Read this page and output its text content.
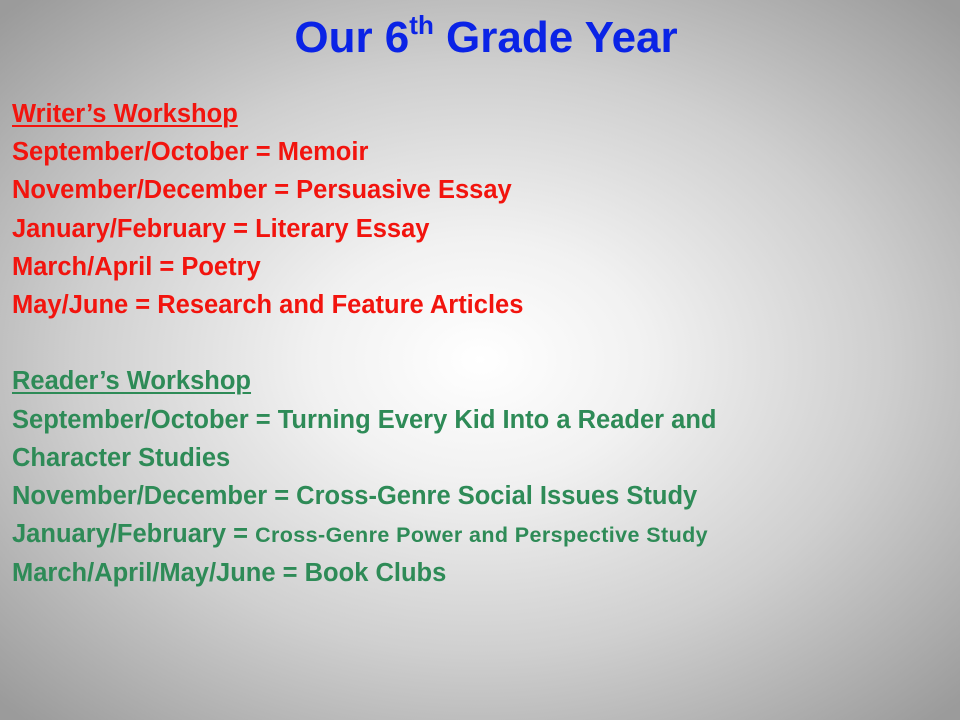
Our 6th Grade Year
Writer’s Workshop
September/October = Memoir
November/December = Persuasive Essay
January/February = Literary Essay
March/April = Poetry
May/June = Research and Feature Articles
Reader’s Workshop
September/October = Turning Every Kid Into a Reader and
Character Studies
November/December = Cross-Genre Social Issues Study
January/February = Cross-Genre Power and Perspective Study
March/April/May/June = Book Clubs
